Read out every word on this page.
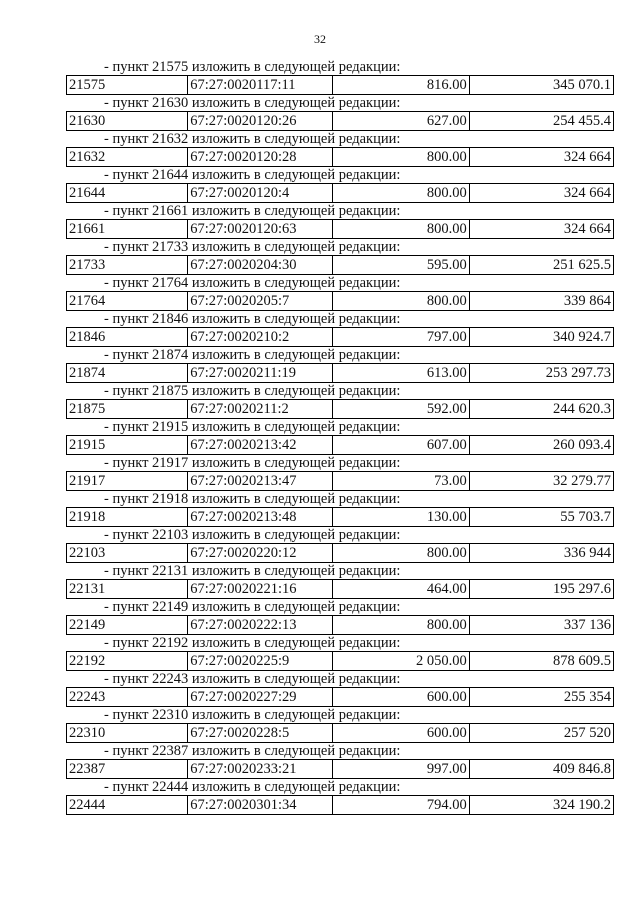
32
- пункт 21575 изложить в следующей редакции:
21575	67:27:0020117:11	816.00	345 070.1
- пункт 21630 изложить в следующей редакции:
21630	67:27:0020120:26	627.00	254 455.4
- пункт 21632 изложить в следующей редакции:
21632	67:27:0020120:28	800.00	324 664
- пункт 21644 изложить в следующей редакции:
21644	67:27:0020120:4	800.00	324 664
- пункт 21661 изложить в следующей редакции:
21661	67:27:0020120:63	800.00	324 664
- пункт 21733 изложить в следующей редакции:
21733	67:27:0020204:30	595.00	251 625.5
- пункт 21764 изложить в следующей редакции:
21764	67:27:0020205:7	800.00	339 864
- пункт 21846 изложить в следующей редакции:
21846	67:27:0020210:2	797.00	340 924.7
- пункт 21874 изложить в следующей редакции:
21874	67:27:0020211:19	613.00	253 297.73
- пункт 21875 изложить в следующей редакции:
21875	67:27:0020211:2	592.00	244 620.3
- пункт 21915 изложить в следующей редакции:
21915	67:27:0020213:42	607.00	260 093.4
- пункт 21917 изложить в следующей редакции:
21917	67:27:0020213:47	73.00	32 279.77
- пункт 21918 изложить в следующей редакции:
21918	67:27:0020213:48	130.00	55 703.7
- пункт 22103 изложить в следующей редакции:
22103	67:27:0020220:12	800.00	336 944
- пункт 22131 изложить в следующей редакции:
22131	67:27:0020221:16	464.00	195 297.6
- пункт 22149 изложить в следующей редакции:
22149	67:27:0020222:13	800.00	337 136
- пункт 22192 изложить в следующей редакции:
22192	67:27:0020225:9	2 050.00	878 609.5
- пункт 22243 изложить в следующей редакции:
22243	67:27:0020227:29	600.00	255 354
- пункт 22310 изложить в следующей редакции:
22310	67:27:0020228:5	600.00	257 520
- пункт 22387 изложить в следующей редакции:
22387	67:27:0020233:21	997.00	409 846.8
- пункт 22444 изложить в следующей редакции:
22444	67:27:0020301:34	794.00	324 190.2
